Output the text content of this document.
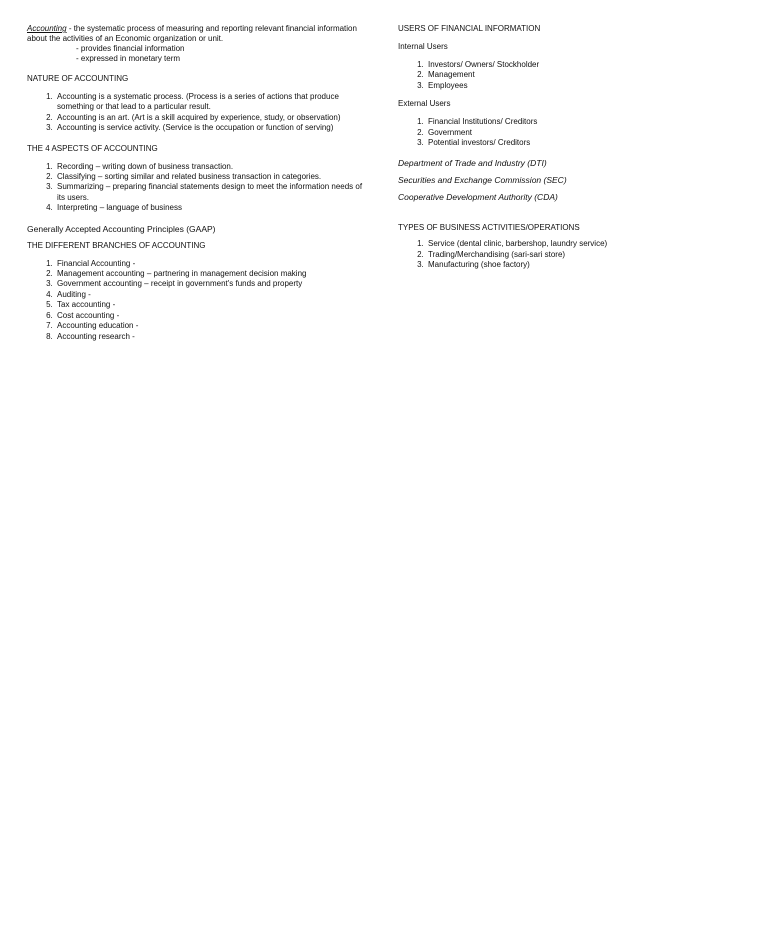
Accounting - the systematic process of measuring and reporting relevant financial information about the activities of an Economic organization or unit.

- provides financial information

- expressed in monetary term

NATURE OF ACCOUNTING

1. Accounting is a systematic process. (Process is a series of actions that produce something or that lead to a particular result.
2. Accounting is an art. (Art is a skill acquired by experience, study, or observation)
3. Accounting is service activity. (Service is the occupation or function of serving)

THE 4 ASPECTS OF ACCOUNTING

1. Recording – writing down of business transaction.
2. Classifying – sorting similar and related business transaction in categories.
3. Summarizing – preparing financial statements design to meet the information needs of its users.
4. Interpreting – language of business

Generally Accepted Accounting Principles (GAAP)

THE DIFFERENT BRANCHES OF ACCOUNTING

1. Financial Accounting -
2. Management accounting – partnering in management decision making
3. Government accounting – receipt in government's funds and property
4. Auditing -
5. Tax accounting -
6. Cost accounting -
7. Accounting education -
8. Accounting research -

USERS OF FINANCIAL INFORMATION

Internal Users

1. Investors/ Owners/ Stockholder
2. Management
3. Employees

External Users

1. Financial Institutions/ Creditors
2. Government
3. Potential investors/ Creditors

Department of Trade and Industry (DTI)

Securities and Exchange Commission (SEC)

Cooperative Development Authority (CDA)

TYPES OF BUSINESS ACTIVITIES/OPERATIONS

1. Service (dental clinic, barbershop, laundry service)
2. Trading/Merchandising (sari-sari store)
3. Manufacturing (shoe factory)
